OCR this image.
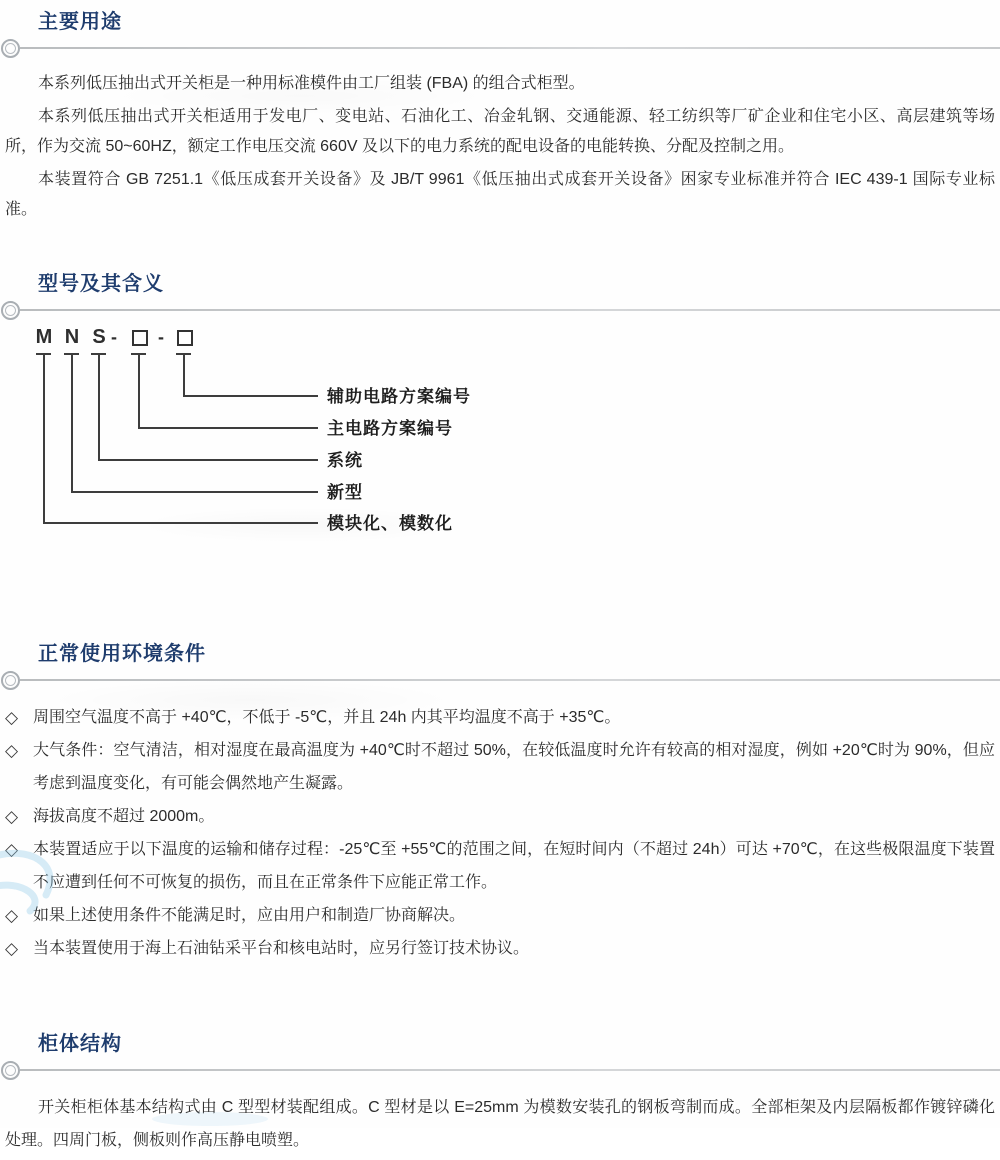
主要用途

本系列低压抽出式开关柜是一种用标准模件由工厂组装 (FBA) 的组合式柜型。

本系列低压抽出式开关柜适用于发电厂、变电站、石油化工、冶金轧钢、交通能源、轻工纺织等厂矿企业和住宅小区、高层建筑等场所，作为交流 50~60HZ，额定工作电压交流 660V 及以下的电力系统的配电设备的电能转换、分配及控制之用。

本装置符合 GB 7251.1《低压成套开关设备》及 JB/T 9961《低压抽出式成套开关设备》困家专业标准并符合 IEC 439-1 国际专业标准。

型号及其含义
M N S - -
辅助电路方案编号
主电路方案编号
系统
新型
模块化、模数化
正常使用环境条件
◇ 周围空气温度不高于 +40℃，不低于 -5℃，并且 24h 内其平均温度不高于 +35℃。
◇ 大气条件：空气清洁，相对湿度在最高温度为 +40℃时不超过 50%，在较低温度时允许有较高的相对湿度，例如 +20℃时为 90%，但应考虑到温度变化，有可能会偶然地产生凝露。
◇ 海拔高度不超过 2000m。
◇ 本装置适应于以下温度的运输和储存过程：-25℃至 +55℃的范围之间，在短时间内（不超过 24h）可达 +70℃，在这些极限温度下装置不应遭到任何不可恢复的损伤，而且在正常条件下应能正常工作。
◇ 如果上述使用条件不能满足时，应由用户和制造厂协商解决。
◇ 当本装置使用于海上石油钻采平台和核电站时，应另行签订技术协议。
柜体结构

开关柜柜体基本结构式由 C 型型材装配组成。C 型材是以 E=25mm 为模数安装孔的钢板弯制而成。全部柜架及内层隔板都作镀锌磷化处理。四周门板，侧板则作高压静电喷塑。
